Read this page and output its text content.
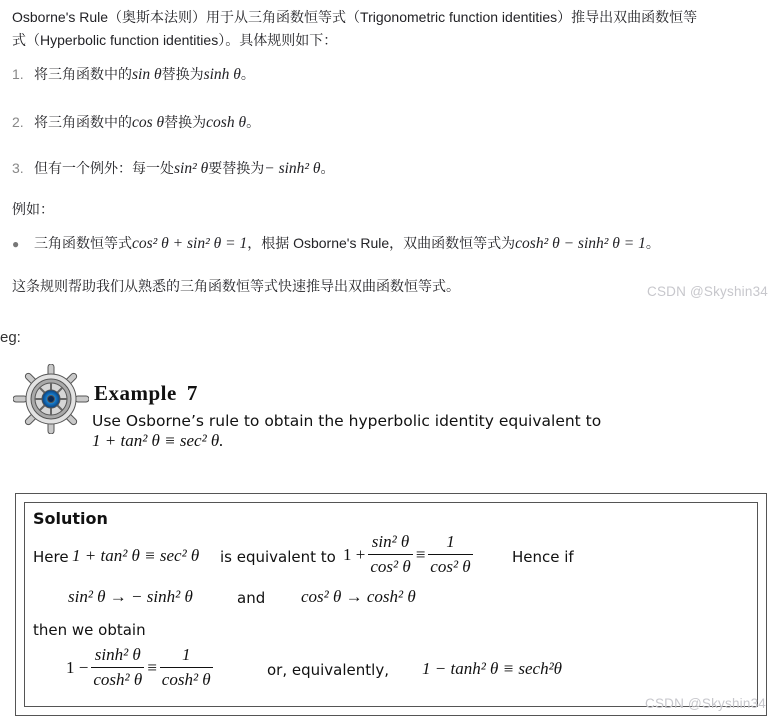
Osborne's Rule（奥斯本法则）用于从三角函数恒等式（Trigonometric function identities）推导出双曲函数恒等
式（Hyperbolic function identities）。具体规则如下：
1. 将三角函数中的sin θ替换为sinh θ。
2. 将三角函数中的cos θ替换为cosh θ。
3. 但有一个例外：每一处sin² θ要替换为− sinh² θ。
例如：
● 三角函数恒等式cos² θ + sin² θ = 1，根据 Osborne's Rule，双曲函数恒等式为cosh² θ − sinh² θ = 1。
这条规则帮助我们从熟悉的三角函数恒等式快速推导出双曲函数恒等式。	CSDN @Skyshin34
eg:
Example 7
Use Osborne’s rule to obtain the hyperbolic identity equivalent to
1 + tan² θ ≡ sec² θ.
Solution
Here 1 + tan² θ ≡ sec² θ is equivalent to $1 + \frac{\text{sin² θ}}{\text{cos² θ}} \equiv \frac{1}{\text{cos² θ}}$	Hence if
sin² θ → − sinh² θ	and cos² θ → cosh² θ
then we obtain
$1 - \frac{\text{sinh² θ}}{\text{cosh² θ}} \equiv \frac{1}{\text{cosh² θ}}$	or, equivalently, 1 − tanh² θ ≡ sech²θ
CSDN @Skyshin34
